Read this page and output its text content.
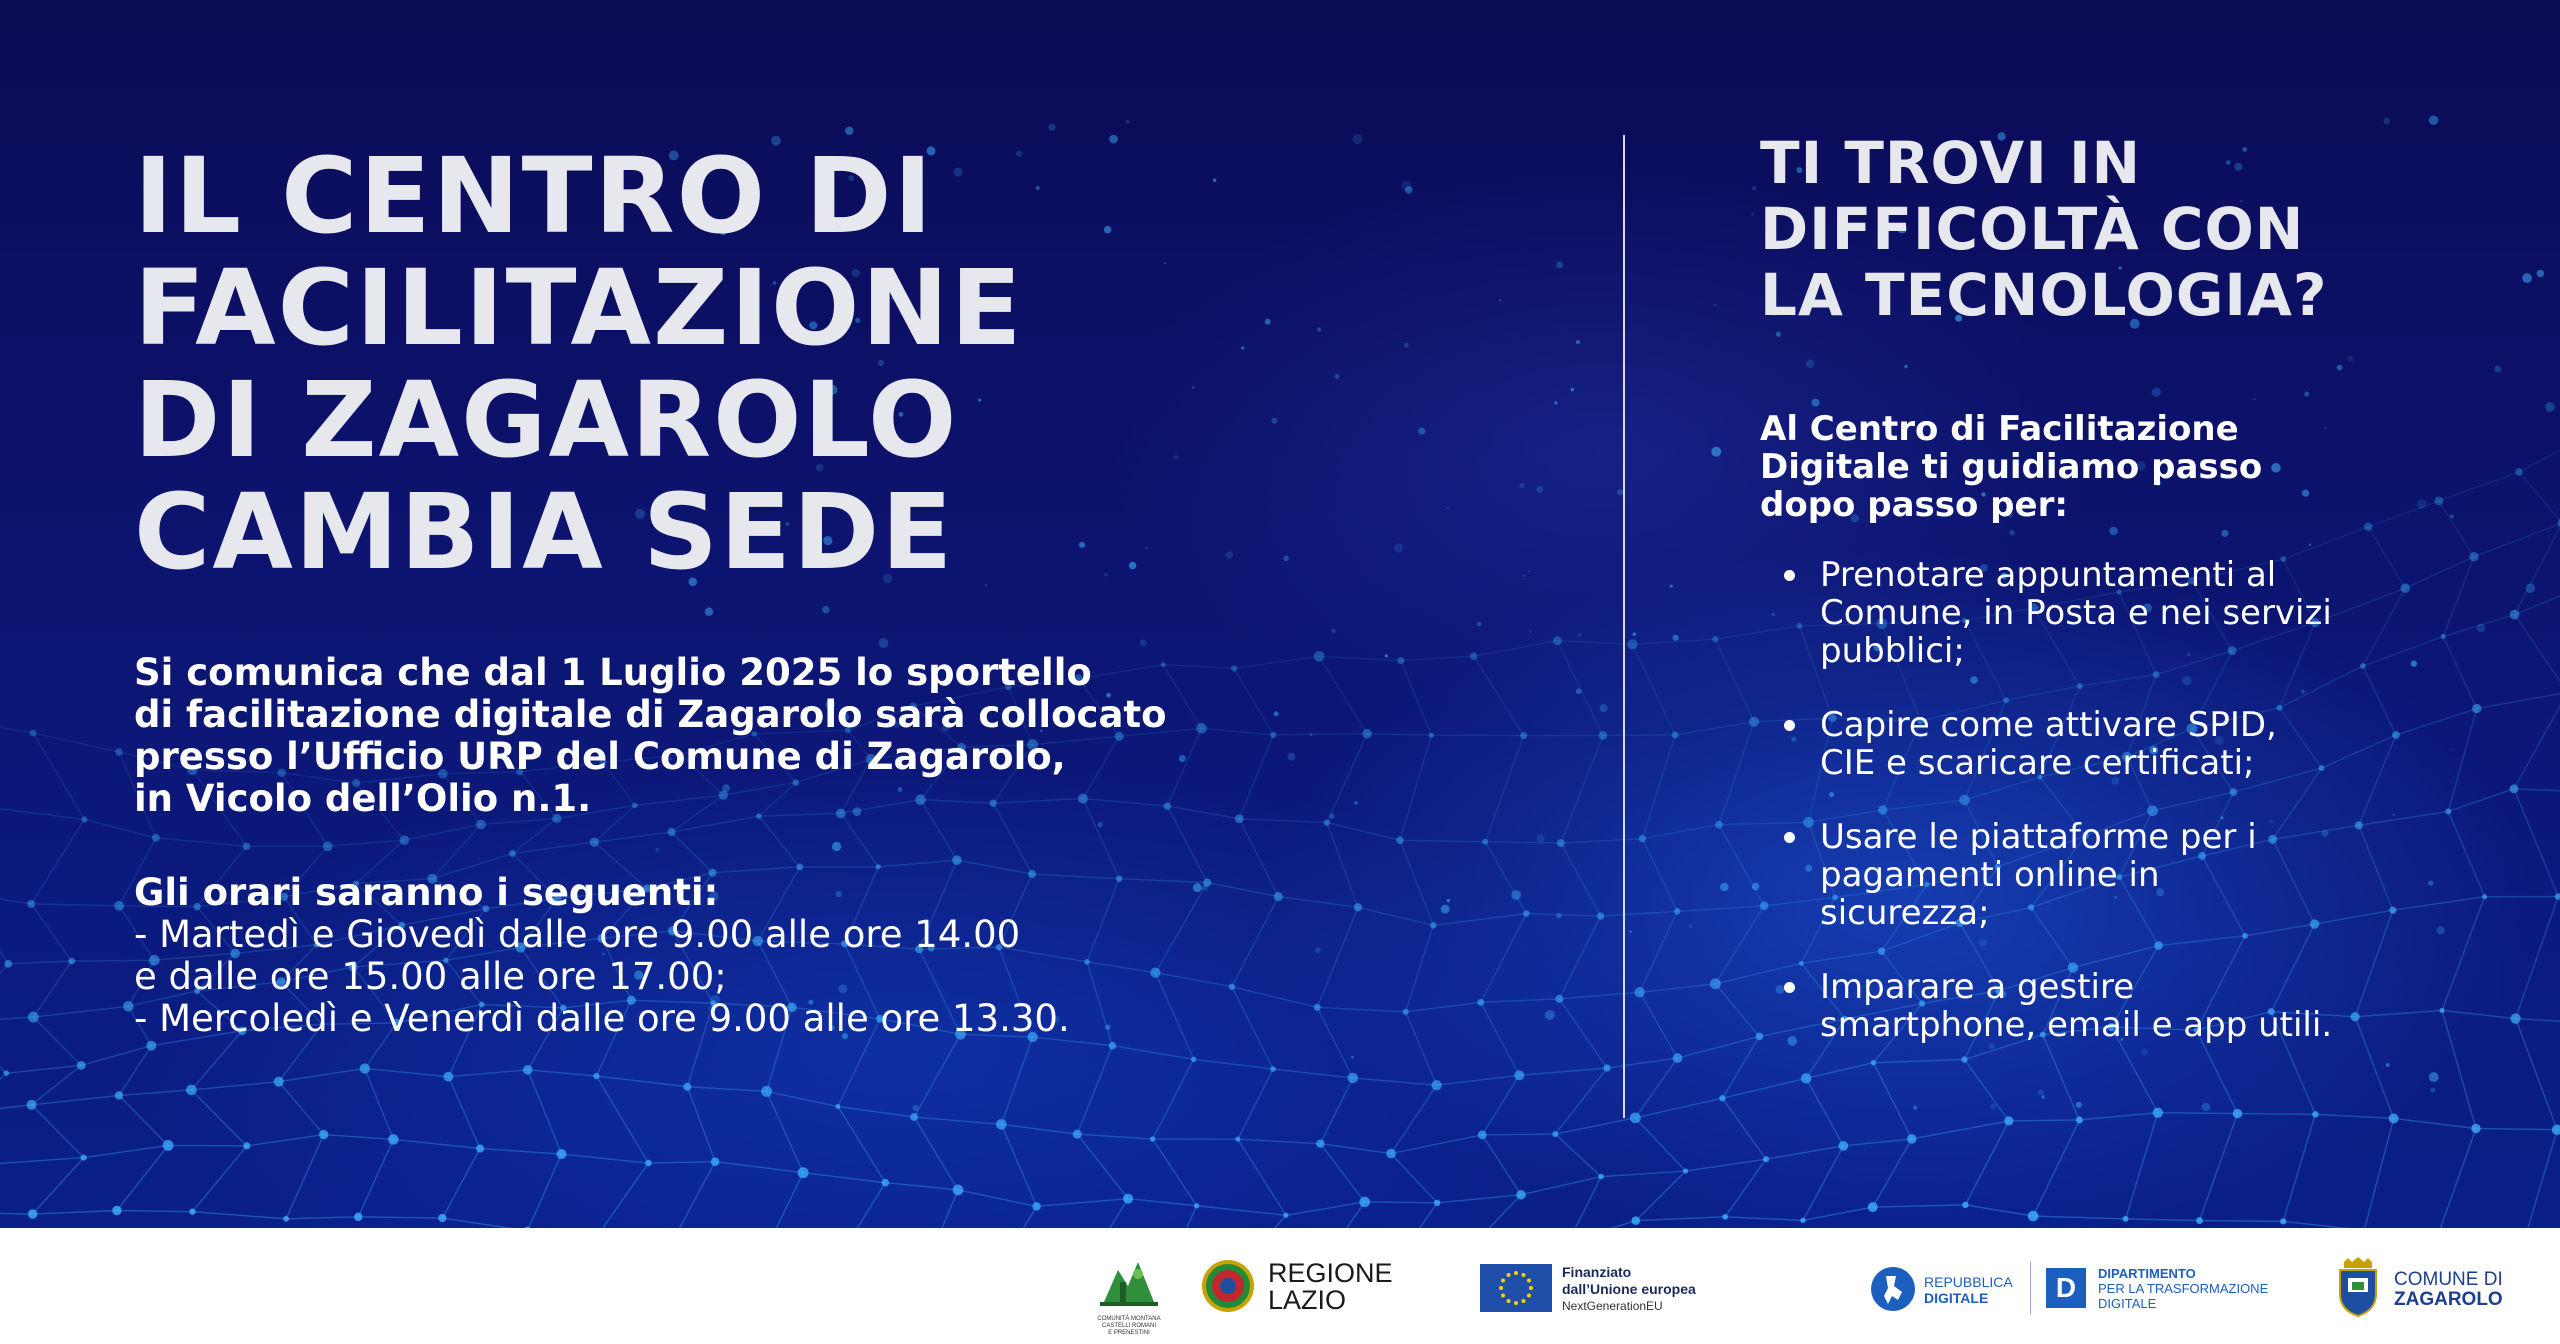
IL CENTRO DI
FACILITAZIONE
DI ZAGAROLO
CAMBIA SEDE
Si comunica che dal 1 Luglio 2025 lo sportello
di facilitazione digitale di Zagarolo sarà collocato
presso l’Ufficio URP del Comune di Zagarolo,
in Vicolo dell’Olio n.1.
Gli orari saranno i seguenti:
- Martedì e Giovedì dalle ore 9.00 alle ore 14.00
e dalle ore 15.00 alle ore 17.00;
- Mercoledì e Venerdì dalle ore 9.00 alle ore 13.30.
TI TROVI IN
DIFFICOLTÀ CON
LA TECNOLOGIA?
Al Centro di Facilitazione
Digitale ti guidiamo passo
dopo passo per:
Prenotare appuntamenti al
Comune, in Posta e nei servizi
pubblici;
Capire come attivare SPID,
CIE e scaricare certificati;
Usare le piattaforme per i
pagamenti online in
sicurezza;
Imparare a gestire
smartphone, email e app utili.
COMUNITÀ MONTANA
CASTELLI ROMANI
E PRENESTINI
REGIONE
LAZIO
Finanziato
dall’Unione europea
NextGenerationEU
REPUBBLICA
DIGITALE	D	DIPARTIMENTO
PER LA TRASFORMAZIONE
DIGITALE
COMUNE DI
ZAGAROLO
